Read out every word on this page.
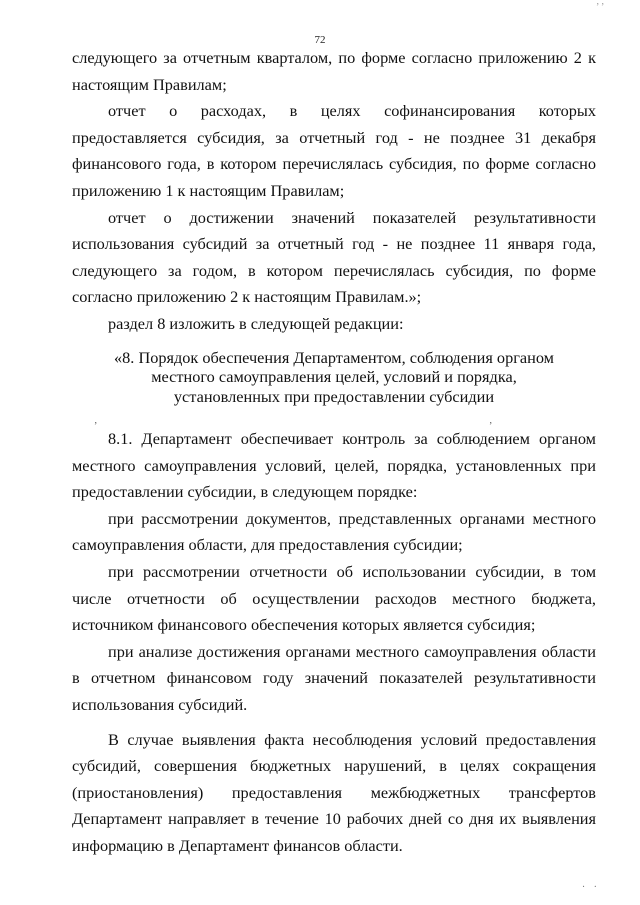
, ,
72

следующего за отчетным кварталом, по форме согласно приложению 2 к настоящим Правилам;

отчет о расходах, в целях софинансирования которых предоставляется субсидия, за отчетный год - не позднее 31 декабря финансового года, в котором перечислялась субсидия, по форме согласно приложению 1 к настоящим Правилам;

отчет о достижении значений показателей результативности использования субсидий за отчетный год - не позднее 11 января года, следующего за годом, в котором перечислялась субсидия, по форме согласно приложению 2 к настоящим Правилам.»;

раздел 8 изложить в следующей редакции:

«8. Порядок обеспечения Департаментом, соблюдения органом
местного самоуправления целей, условий и порядка,
установленных при предоставлении субсидии

8.1. Департамент обеспечивает контроль за соблюдением органом местного самоуправления условий, целей, порядка, установленных при предоставлении субсидии, в следующем порядке:

при рассмотрении документов, представленных органами местного самоуправления области, для предоставления субсидии;

при рассмотрении отчетности об использовании субсидии, в том числе отчетности об осуществлении расходов местного бюджета, источником финансового обеспечения которых является субсидия;

при анализе достижения органами местного самоуправления области в отчетном финансовом году значений показателей результативности использования субсидий.

В случае выявления факта несоблюдения условий предоставления субсидий, совершения бюджетных нарушений, в целях сокращения (приостановления) предоставления межбюджетных трансфертов Департамент направляет в течение 10 рабочих дней со дня их выявления информацию в Департамент финансов области.

ʼ	ʼ
· ·
